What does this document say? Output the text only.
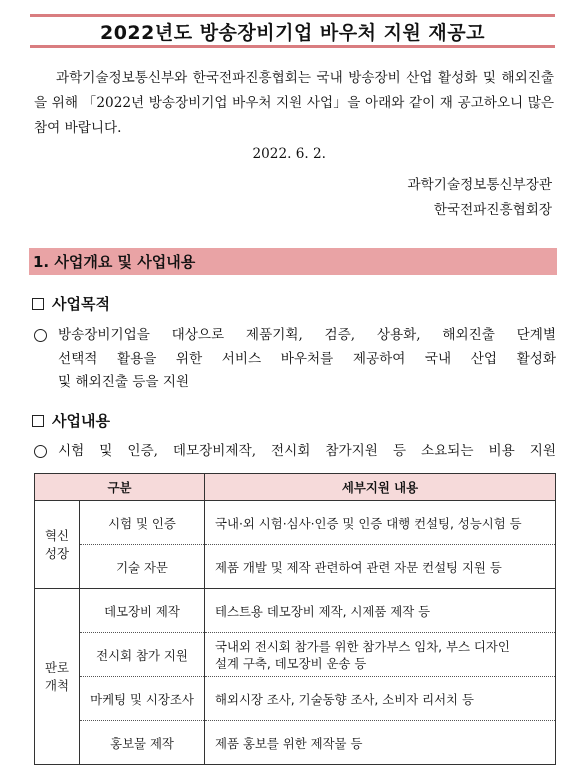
2022년도 방송장비기업 바우처 지원 재공고
과학기술정보통신부와 한국전파진흥협회는 국내 방송장비 산업 활성화 및 해외진출을 위해 「2022년 방송장비기업 바우처 지원 사업」을 아래와 같이 재 공고하오니 많은 참여 바랍니다.
2022. 6. 2.
과학기술정보통신부장관
한국전파진흥협회장
1. 사업개요 및 사업내용
사업목적
방송장비기업을 대상으로 제품기획, 검증, 상용화, 해외진출 단계별
선택적 활용을 위한 서비스 바우처를 제공하여 국내 산업 활성화
및 해외진출 등을 지원
사업내용
시험 및 인증, 데모장비제작, 전시회 참가지원 등 소요되는 비용 지원
구분		세부지원 내용

혁신
성장	시험 및 인증	국내·외 시험·심사·인증 및 인증 대행 컨설팅, 성능시험 등
	기술 자문	제품 개발 및 제작 관련하여 관련 자문 컨설팅 지원 등

판로
개척	데모장비 제작	테스트용 데모장비 제작, 시제품 제작 등
	전시회 참가 지원	국내외 전시회 참가를 위한 참가부스 임차, 부스 디자인
설계 구축, 데모장비 운송 등

	마케팅 및 시장조사	해외시장 조사, 기술동향 조사, 소비자 리서치 등
	홍보물 제작	제품 홍보를 위한 제작물 등
